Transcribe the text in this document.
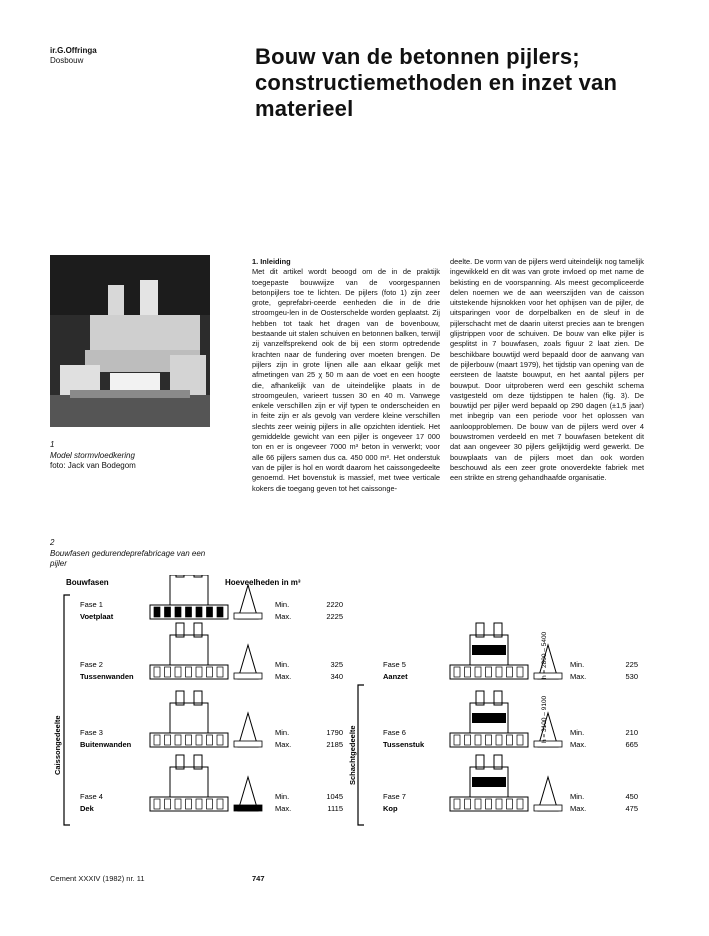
ir.G.Offringa
Dosbouw	Bouw van de betonnen pijlers; constructiemethoden en inzet van materieel
1
Model stormvloedkering
foto: Jack van Bodegom
2
Bouwfasen gedurendeprefabricage van een pijler

1. Inleiding

Met dit artikel wordt beoogd om de in de praktijk toegepaste bouwwijze van de voorgespannen betonpijlers toe te lichten. De pijlers (foto 1) zijn zeer grote, geprefabri-ceerde eenheden die in de drie stroomgeu-len in de Oosterschelde worden geplaatst. Zij hebben tot taak het dragen van de bovenbouw, bestaande uit stalen schuiven en betonnen balken, terwijl zij vanzelfsprekend ook de bij een storm optredende krachten naar de fundering over moeten brengen. De pijlers zijn in grote lijnen alle aan elkaar gelijk met afmetingen van 25 χ 50 m aan de voet en een hoogte die, afhankelijk van de uiteindelijke plaats in de stroomgeulen, varieert tussen 30 en 40 m. Vanwege enkele verschillen zijn er vijf typen te onderscheiden en in feite zijn er als gevolg van verdere kleine verschillen slechts zeer weinig pijlers in alle opzichten identiek. Het gemiddelde gewicht van een pijler is ongeveer 17 000 ton en er is ongeveer 7000 m³ beton in verwerkt; voor alle 66 pijlers samen dus ca. 450 000 m³. Het onderstuk van de pijler is hol en wordt daarom het caissongedeelte genoemd. Het bovenstuk is massief, met twee verticale kokers die toegang geven tot het caissonge-

deelte. De vorm van de pijlers werd uiteindelijk nog tamelijk ingewikkeld en dit was van grote invloed op met name de bekisting en de voorspanning. Als meest gecompliceerde delen noemen we de aan weerszijden van de caisson uitstekende hijsnokken voor het ophijsen van de pijler, de uitsparingen voor de dorpelbalken en de sleuf in de pijlerschacht met de daarin uiterst precies aan te brengen glijstrippen voor de schuiven. De bouw van elke pijler is gesplitst in 7 bouwfasen, zoals figuur 2 laat zien. De beschikbare bouwtijd werd bepaald door de aanvang van de pijlerbouw (maart 1979), het tijdstip van opening van de eersteen de laatste bouwput, en het aantal pijlers per bouwput. Door uitproberen werd een geschikt schema vastgesteld om deze tijdstippen te halen (fig. 3). De bouwtijd per pijler werd bepaald op 290 dagen (±1,5 jaar) met inbegrip van een periode voor het oplossen van aanloopproblemen. De bouw van de pijlers werd over 4 bouwstromen verdeeld en met 7 bouwfasen betekent dit dat aan ongeveer 30 pijlers gelijktijdig werd gewerkt. De bouwplaats van de pijlers moet dan ook worden beschouwd als een zeer grote onoverdekte fabriek met een strikte en streng gehandhaafde organisatie.

Bouwfasen	Hoeveelheden in m³
Caissongedeelte	Schachtgedeelte
Fase 1
Voetplaat
Min.	2220
Max.	2225
Fase 2
Tussenwanden
Min.	325
Max.	340
Fase 3
Buitenwanden
Min.	1790
Max.	2185
Fase 4
Dek
Min.	1045
Max.	1115
Fase 5
Aanzet
Min.	225
Max.	530
Fase 6
Tussenstuk
Min.	210
Max.	665
Fase 7
Kop
Min.	450
Max.	475
h = 2800 – 5400
h = 3100 – 9100
Cement XXXIV (1982) nr. 11	747
